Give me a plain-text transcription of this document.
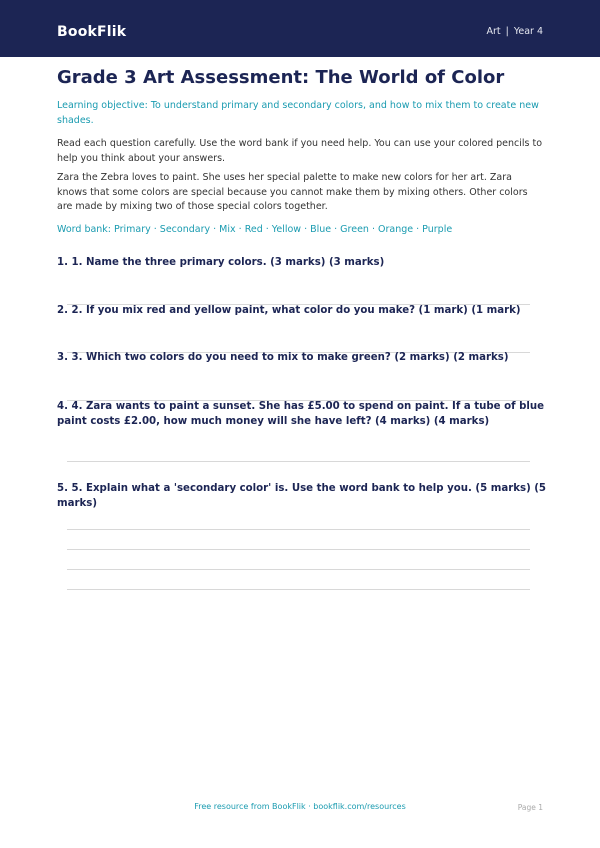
BookFlik	Art | Year 4
Grade 3 Art Assessment: The World of Color

Learning objective: To understand primary and secondary colors, and how to mix them to create new shades.

Read each question carefully. Use the word bank if you need help. You can use your colored pencils to help you think about your answers.

Zara the Zebra loves to paint. She uses her special palette to make new colors for her art. Zara knows that some colors are special because you cannot make them by mixing others. Other colors are made by mixing two of those special colors together.

Word bank: Primary · Secondary · Mix · Red · Yellow · Blue · Green · Orange · Purple

1. 1. Name the three primary colors. (3 marks) (3 marks)

2. 2. If you mix red and yellow paint, what color do you make? (1 mark) (1 mark)

3. 3. Which two colors do you need to mix to make green? (2 marks) (2 marks)

4. 4. Zara wants to paint a sunset. She has £5.00 to spend on paint. If a tube of blue paint costs £2.00, how much money will she have left? (4 marks) (4 marks)

5. 5. Explain what a 'secondary color' is. Use the word bank to help you. (5 marks) (5 marks)

Free resource from BookFlik · bookflik.com/resources	Page 1
